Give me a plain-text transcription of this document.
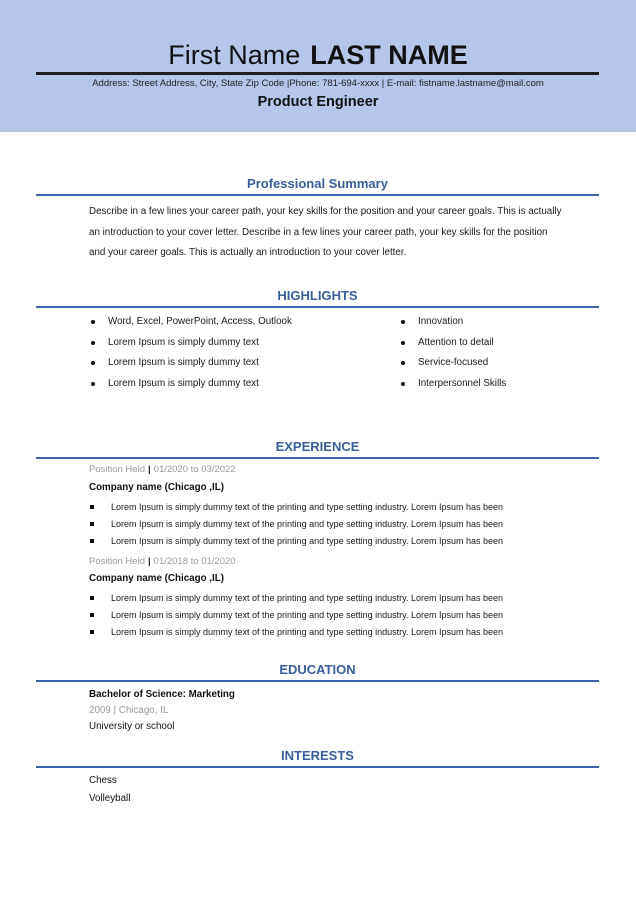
First Name LAST NAME
Address: Street Address, City, State Zip Code |Phone: 781-694-xxxx | E-mail: fistname.lastname@mail.com
Product Engineer
Professional Summary
Describe in a few lines your career path, your key skills for the position and your career goals. This is actually
an introduction to your cover letter. Describe in a few lines your career path, your key skills for the position
and your career goals. This is actually an introduction to your cover letter.
HIGHLIGHTS
Word, Excel, PowerPoint, Access, Outlook
Lorem Ipsum is simply dummy text
Lorem Ipsum is simply dummy text
Lorem Ipsum is simply dummy text
Innovation
Attention to detail
Service-focused
Interpersonnel Skills
EXPERIENCE
Position Held | 01/2020 to 03/2022
Company name (Chicago ,IL)
Lorem Ipsum is simply dummy text of the printing and type setting industry. Lorem Ipsum has been
Lorem Ipsum is simply dummy text of the printing and type setting industry. Lorem Ipsum has been
Lorem Ipsum is simply dummy text of the printing and type setting industry. Lorem Ipsum has been
Position Held | 01/2018 to 01/2020
Company name (Chicago ,IL)
Lorem Ipsum is simply dummy text of the printing and type setting industry. Lorem Ipsum has been
Lorem Ipsum is simply dummy text of the printing and type setting industry. Lorem Ipsum has been
Lorem Ipsum is simply dummy text of the printing and type setting industry. Lorem Ipsum has been
EDUCATION
Bachelor of Science: Marketing
2009 | Chicago, IL
University or school
INTERESTS
Chess
Volleyball
